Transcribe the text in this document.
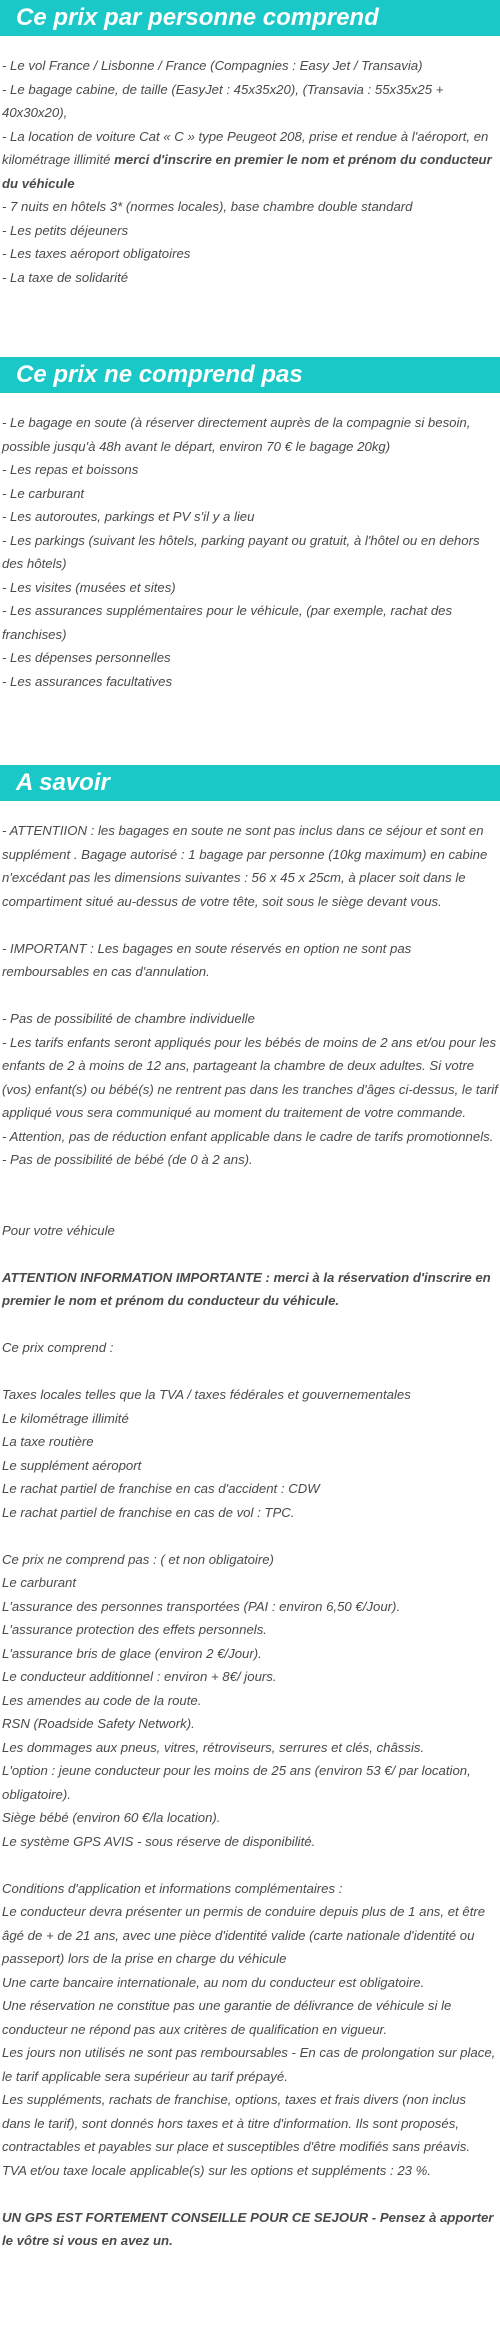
Ce prix par personne comprend

- Le vol France / Lisbonne / France (Compagnies : Easy Jet / Transavia)

- Le bagage cabine, de taille (EasyJet : 45x35x20), (Transavia : 55x35x25 + 40x30x20),

- La location de voiture Cat « C » type Peugeot 208, prise et rendue à l'aéroport, en kilométrage illimité merci d'inscrire en premier le nom et prénom du conducteur du véhicule

- 7 nuits en hôtels 3* (normes locales), base chambre double standard

- Les petits déjeuners

- Les taxes aéroport obligatoires

- La taxe de solidarité

Ce prix ne comprend pas

- Le bagage en soute (à réserver directement auprès de la compagnie si besoin, possible jusqu'à 48h avant le départ, environ 70 € le bagage 20kg)

- Les repas et boissons

- Le carburant

- Les autoroutes, parkings et PV s'il y a lieu

- Les parkings (suivant les hôtels, parking payant ou gratuit, à l'hôtel ou en dehors des hôtels)

- Les visites (musées et sites)

- Les assurances supplémentaires pour le véhicule, (par exemple, rachat des franchises)

- Les dépenses personnelles

- Les assurances facultatives

A savoir

- ATTENTIION : les bagages en soute ne sont pas inclus dans ce séjour et sont en supplément . Bagage autorisé : 1 bagage par personne (10kg maximum) en cabine n'excédant pas les dimensions suivantes : 56 x 45 x 25cm, à placer soit dans le compartiment situé au-dessus de votre tête, soit sous le siège devant vous.

- IMPORTANT : Les bagages en soute réservés en option ne sont pas remboursables en cas d'annulation.

- Pas de possibilité de chambre individuelle

- Les tarifs enfants seront appliqués pour les bébés de moins de 2 ans et/ou pour les enfants de 2 à moins de 12 ans, partageant la chambre de deux adultes. Si votre (vos) enfant(s) ou bébé(s) ne rentrent pas dans les tranches d'âges ci-dessus, le tarif appliqué vous sera communiqué au moment du traitement de votre commande.

- Attention, pas de réduction enfant applicable dans le cadre de tarifs promotionnels.

- Pas de possibilité de bébé (de 0 à 2 ans).

Pour votre véhicule

ATTENTION INFORMATION IMPORTANTE : merci à la réservation d'inscrire en premier le nom et prénom du conducteur du véhicule.

Ce prix comprend :

Taxes locales telles que la TVA / taxes fédérales et gouvernementales

Le kilométrage illimité

La taxe routière

Le supplément aéroport

Le rachat partiel de franchise en cas d'accident : CDW

Le rachat partiel de franchise en cas de vol : TPC.

Ce prix ne comprend pas : ( et non obligatoire)

Le carburant

L'assurance des personnes transportées (PAI : environ 6,50 €/Jour).

L'assurance protection des effets personnels.

L'assurance bris de glace (environ 2 €/Jour).

Le conducteur additionnel : environ + 8€/ jours.

Les amendes au code de la route.

RSN (Roadside Safety Network).

Les dommages aux pneus, vitres, rétroviseurs, serrures et clés, châssis.

L'option : jeune conducteur pour les moins de 25 ans (environ 53 €/ par location, obligatoire).

Siège bébé (environ 60 €/la location).

Le système GPS AVIS - sous réserve de disponibilité.

Conditions d'application et informations complémentaires :

Le conducteur devra présenter un permis de conduire depuis plus de 1 ans, et être âgé de + de 21 ans, avec une pièce d'identité valide (carte nationale d'identité ou passeport) lors de la prise en charge du véhicule

Une carte bancaire internationale, au nom du conducteur est obligatoire.

Une réservation ne constitue pas une garantie de délivrance de véhicule si le conducteur ne répond pas aux critères de qualification en vigueur.

Les jours non utilisés ne sont pas remboursables - En cas de prolongation sur place, le tarif applicable sera supérieur au tarif prépayé.

Les suppléments, rachats de franchise, options, taxes et frais divers (non inclus dans le tarif), sont donnés hors taxes et à titre d'information. Ils sont proposés, contractables et payables sur place et susceptibles d'être modifiés sans préavis. TVA et/ou taxe locale applicable(s) sur les options et suppléments : 23 %.

UN GPS EST FORTEMENT CONSEILLE POUR CE SEJOUR - Pensez à apporter le vôtre si vous en avez un.
